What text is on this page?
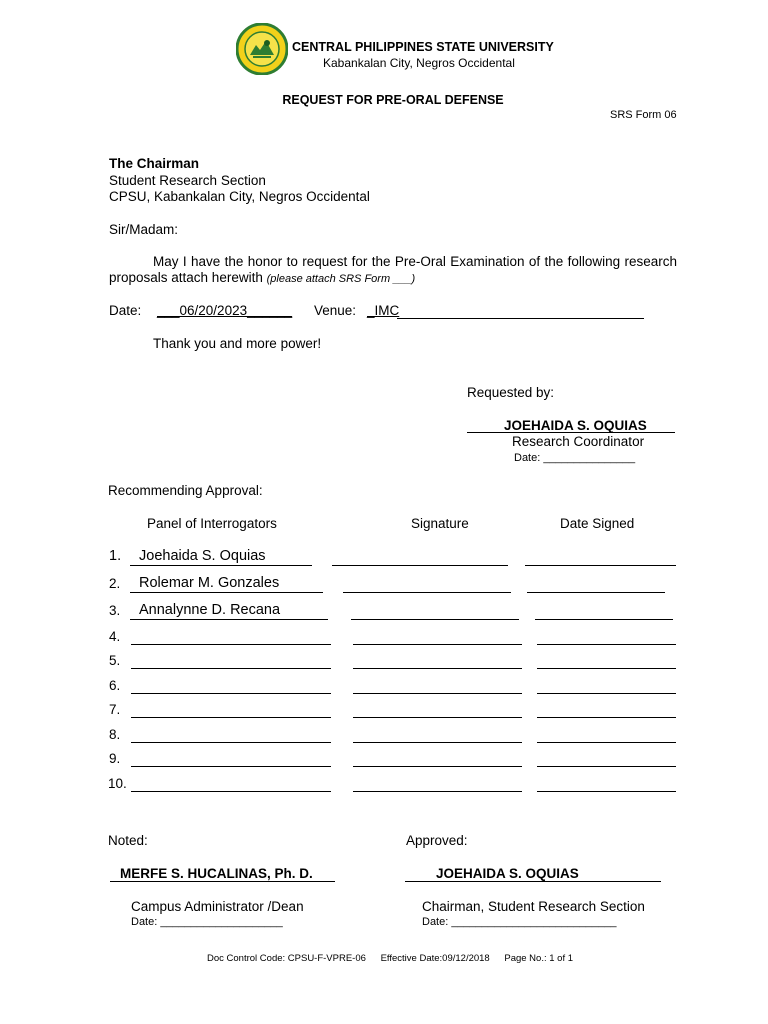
CENTRAL PHILIPPINES STATE UNIVERSITY
Kabankalan City, Negros Occidental
REQUEST FOR PRE-ORAL DEFENSE
SRS Form 06
The Chairman
Student Research Section
CPSU, Kabankalan City, Negros Occidental
Sir/Madam:
May I have the honor to request for the Pre-Oral Examination of the following research proposals attach herewith (please attach SRS Form ___)
Date: ___06/20/2023______ Venue: _IMC
Thank you and more power!
Requested by:
JOEHAIDA S. OQUIAS
Research Coordinator
Date: _______________
Recommending Approval:
Panel of Interrogators	Signature	Date Signed
1. Joehaida S. Oquias
2. Rolemar M. Gonzales
3. Annalynne D. Recana
4.
5.
6.
7.
8.
9.
10.
Noted:
MERFE S. HUCALINAS, Ph. D.
Campus Administrator /Dean
Date: ____________________
Approved:
JOEHAIDA S. OQUIAS
Chairman, Student Research Section
Date: ___________________________
Doc Control Code: CPSU-F-VPRE-06 Effective Date:09/12/2018 Page No.: 1 of 1
